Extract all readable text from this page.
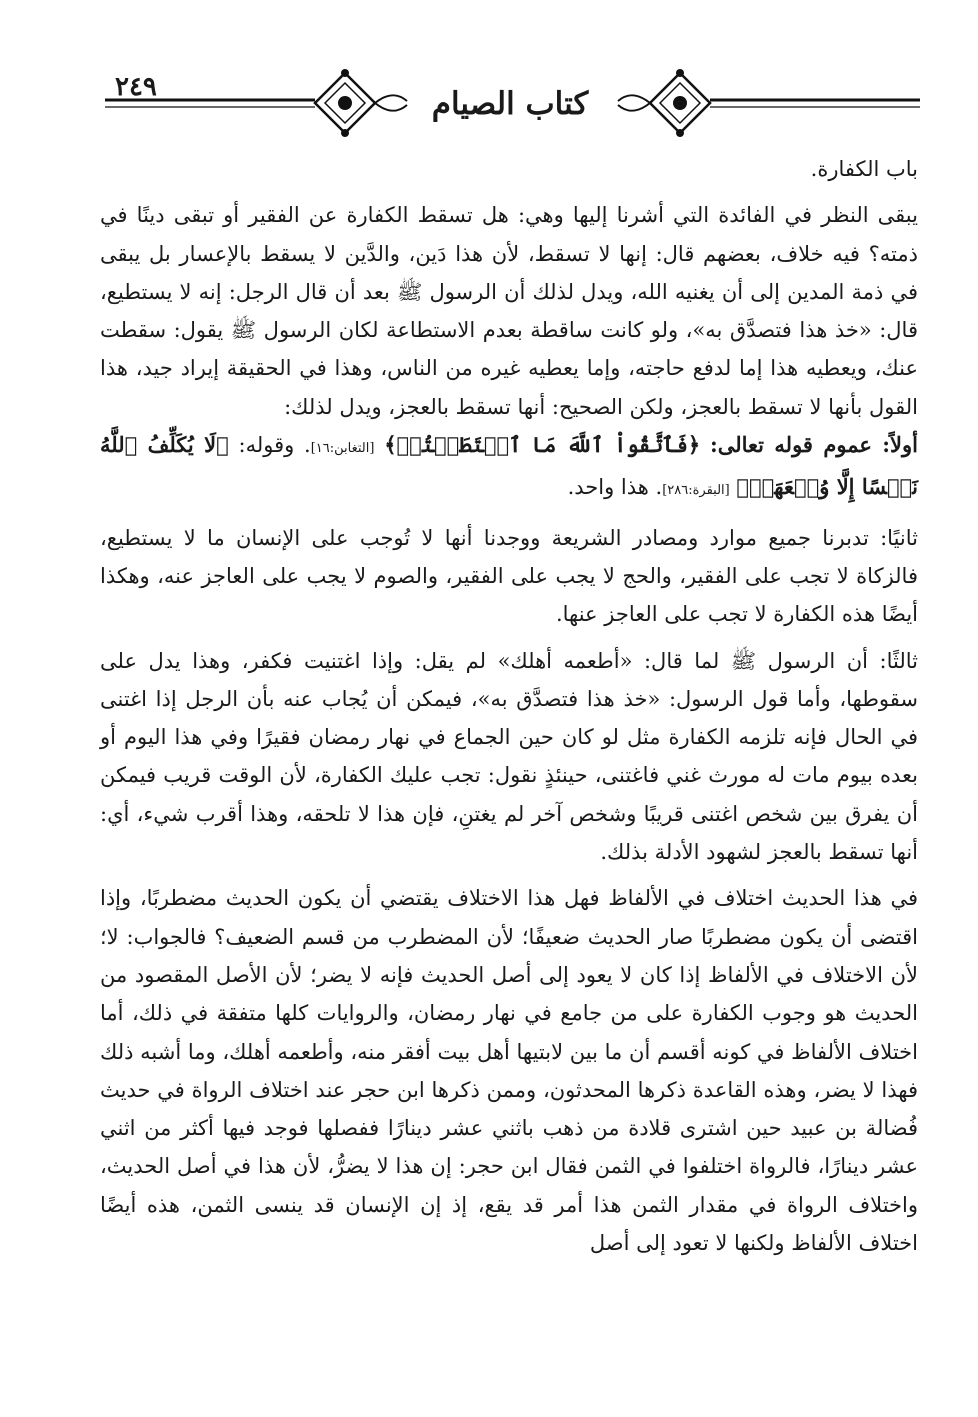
٢٤٩	كتاب الصيام

باب الكفارة.

يبقى النظر في الفائدة التي أشرنا إليها وهي: هل تسقط الكفارة عن الفقير أو تبقى دينًا في ذمته؟ فيه خلاف، بعضهم قال: إنها لا تسقط، لأن هذا دَين، والدَّين لا يسقط بالإعسار بل يبقى في ذمة المدين إلى أن يغنيه الله، ويدل لذلك أن الرسول ﷺ بعد أن قال الرجل: إنه لا يستطيع، قال: «خذ هذا فتصدَّق به»، ولو كانت ساقطة بعدم الاستطاعة لكان الرسول ﷺ يقول: سقطت عنك، ويعطيه هذا إما لدفع حاجته، وإما يعطيه غيره من الناس، وهذا في الحقيقة إيراد جيد، هذا القول بأنها لا تسقط بالعجز، ولكن الصحيح: أنها تسقط بالعجز، ويدل لذلك:

أولاً: عموم قوله تعالى: ﴿فَٱتَّقُواْ ٱللَّهَ مَا ٱسۡتَطَعۡتُمۡ﴾ [التغابن:١٦]. وقوله: ﴿لَا يُكَلِّفُ ٱللَّهُ نَفۡسًا إِلَّا وُسۡعَهَاۚ﴾ [البقرة:٢٨٦]. هذا واحد.

ثانيًا: تدبرنا جميع موارد ومصادر الشريعة ووجدنا أنها لا تُوجب على الإنسان ما لا يستطيع، فالزكاة لا تجب على الفقير، والحج لا يجب على الفقير، والصوم لا يجب على العاجز عنه، وهكذا أيضًا هذه الكفارة لا تجب على العاجز عنها.

ثالثًا: أن الرسول ﷺ لما قال: «أطعمه أهلك» لم يقل: وإذا اغتنيت فكفر، وهذا يدل على سقوطها، وأما قول الرسول: «خذ هذا فتصدَّق به»، فيمكن أن يُجاب عنه بأن الرجل إذا اغتنى في الحال فإنه تلزمه الكفارة مثل لو كان حين الجماع في نهار رمضان فقيرًا وفي هذا اليوم أو بعده بيوم مات له مورث غني فاغتنى، حينئذٍ نقول: تجب عليك الكفارة، لأن الوقت قريب فيمكن أن يفرق بين شخص اغتنى قريبًا وشخص آخر لم يغتنِ، فإن هذا لا تلحقه، وهذا أقرب شيء، أي: أنها تسقط بالعجز لشهود الأدلة بذلك.

في هذا الحديث اختلاف في الألفاظ فهل هذا الاختلاف يقتضي أن يكون الحديث مضطربًا، وإذا اقتضى أن يكون مضطربًا صار الحديث ضعيفًا؛ لأن المضطرب من قسم الضعيف؟ فالجواب: لا؛ لأن الاختلاف في الألفاظ إذا كان لا يعود إلى أصل الحديث فإنه لا يضر؛ لأن الأصل المقصود من الحديث هو وجوب الكفارة على من جامع في نهار رمضان، والروايات كلها متفقة في ذلك، أما اختلاف الألفاظ في كونه أقسم أن ما بين لابتيها أهل بيت أفقر منه، وأطعمه أهلك، وما أشبه ذلك فهذا لا يضر، وهذه القاعدة ذكرها المحدثون، وممن ذكرها ابن حجر عند اختلاف الرواة في حديث فُضالة بن عبيد حين اشترى قلادة من ذهب باثني عشر دينارًا ففصلها فوجد فيها أكثر من اثني عشر دينارًا، فالرواة اختلفوا في الثمن فقال ابن حجر: إن هذا لا يضرُّ، لأن هذا في أصل الحديث، واختلاف الرواة في مقدار الثمن هذا أمر قد يقع، إذ إن الإنسان قد ينسى الثمن، هذه أيضًا اختلاف الألفاظ ولكنها لا تعود إلى أصل
